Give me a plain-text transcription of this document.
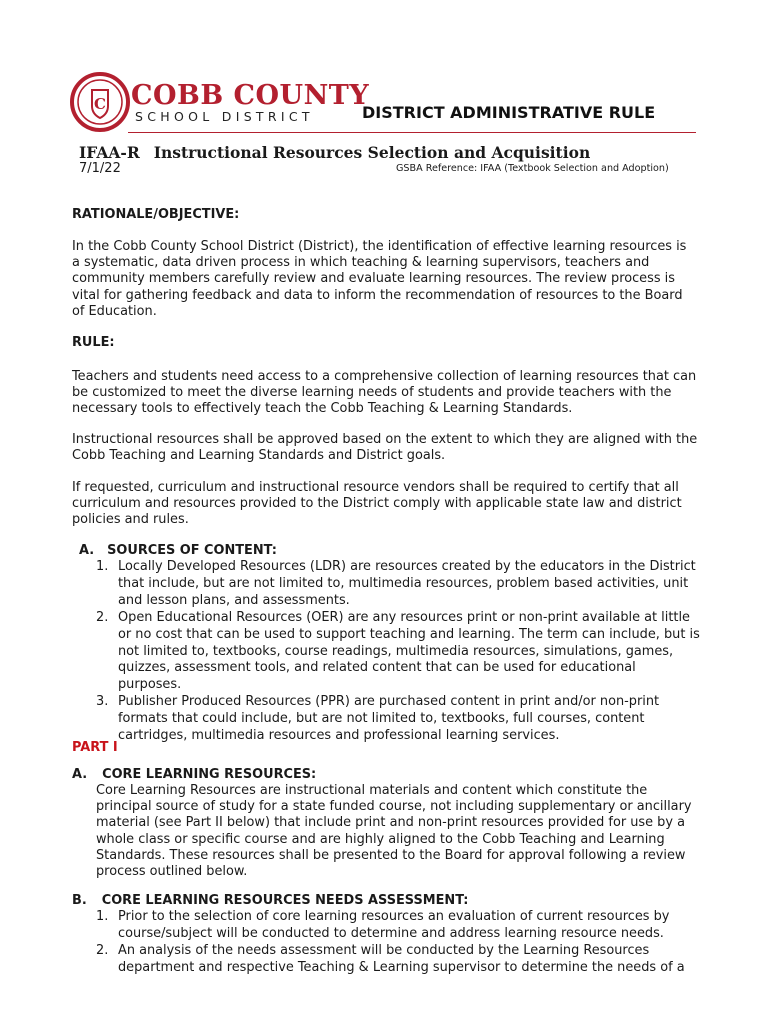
C COBB COUNTY
SCHOOL DISTRICT	DISTRICT ADMINISTRATIVE RULE
IFAA-R Instructional Resources Selection and Acquisition
7/1/22	GSBA Reference: IFAA (Textbook Selection and Adoption)
RATIONALE/OBJECTIVE:
In the Cobb County School District (District), the identification of effective learning resources is a systematic, data driven process in which teaching & learning supervisors, teachers and community members carefully review and evaluate learning resources. The review process is vital for gathering feedback and data to inform the recommendation of resources to the Board of Education.
RULE:
Teachers and students need access to a comprehensive collection of learning resources that can be customized to meet the diverse learning needs of students and provide teachers with the necessary tools to effectively teach the Cobb Teaching & Learning Standards.
Instructional resources shall be approved based on the extent to which they are aligned with the Cobb Teaching and Learning Standards and District goals.
If requested, curriculum and instructional resource vendors shall be required to certify that all curriculum and resources provided to the District comply with applicable state law and district policies and rules.
A. SOURCES OF CONTENT:
1. Locally Developed Resources (LDR) are resources created by the educators in the District that include, but are not limited to, multimedia resources, problem based activities, unit and lesson plans, and assessments.
2. Open Educational Resources (OER) are any resources print or non-print available at little or no cost that can be used to support teaching and learning. The term can include, but is not limited to, textbooks, course readings, multimedia resources, simulations, games, quizzes, assessment tools, and related content that can be used for educational purposes.
3. Publisher Produced Resources (PPR) are purchased content in print and/or non-print formats that could include, but are not limited to, textbooks, full courses, content cartridges, multimedia resources and professional learning services.
PART I
A. CORE LEARNING RESOURCES:
Core Learning Resources are instructional materials and content which constitute the principal source of study for a state funded course, not including supplementary or ancillary material (see Part II below) that include print and non-print resources provided for use by a whole class or specific course and are highly aligned to the Cobb Teaching and Learning Standards. These resources shall be presented to the Board for approval following a review process outlined below.
B. CORE LEARNING RESOURCES NEEDS ASSESSMENT:
1. Prior to the selection of core learning resources an evaluation of current resources by course/subject will be conducted to determine and address learning resource needs.
2. An analysis of the needs assessment will be conducted by the Learning Resources department and respective Teaching & Learning supervisor to determine the needs of a
